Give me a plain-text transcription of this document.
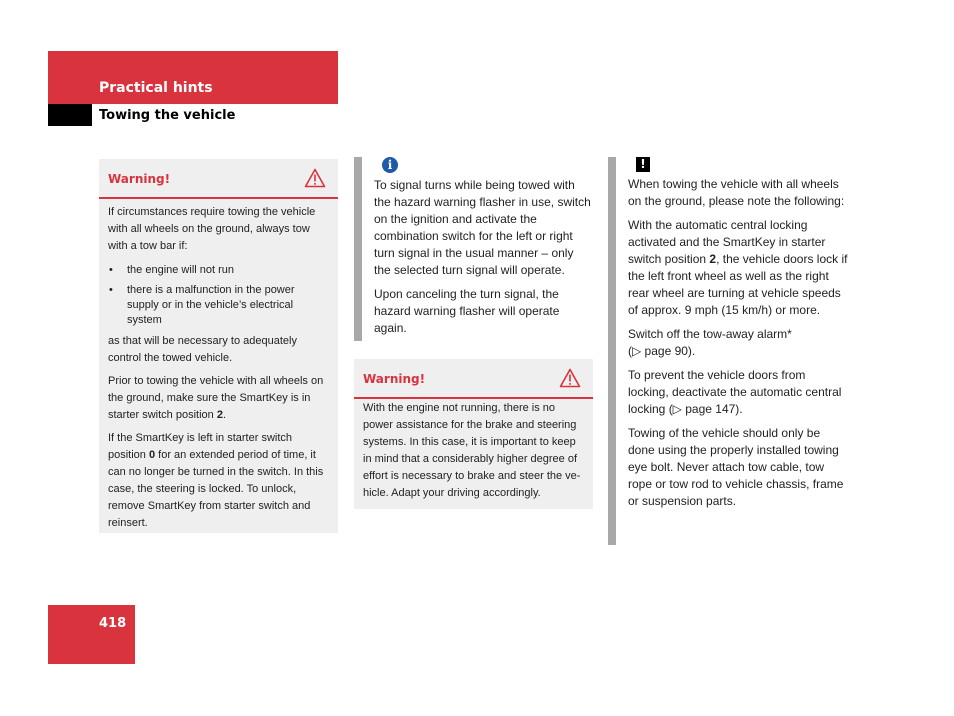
Practical hints
Towing the vehicle
Warning!

If circumstances require towing the vehicle with all wheels on the ground, always tow with a tow bar if:

• the engine will not run
• there is a malfunction in the power supply or in the vehicle’s electrical system

as that will be necessary to adequately control the towed vehicle.

Prior to towing the vehicle with all wheels on the ground, make sure the SmartKey is in starter switch position 2.

If the SmartKey is left in starter switch position 0 for an extended period of time, it can no longer be turned in the switch. In this case, the steering is locked. To unlock, remove SmartKey from starter switch and reinsert.

i

To signal turns while being towed with the hazard warning flasher in use, switch on the ignition and activate the combination switch for the left or right turn signal in the usual manner – only the selected turn signal will operate.

Upon canceling the turn signal, the hazard warning flasher will operate again.

Warning!

With the engine not running, there is no power assistance for the brake and steering systems. In this case, it is important to keep in mind that a considerably higher degree of effort is necessary to brake and steer the ve-hicle. Adapt your driving accordingly.

!

When towing the vehicle with all wheels on the ground, please note the following:

With the automatic central locking activated and the SmartKey in starter switch position 2, the vehicle doors lock if the left front wheel as well as the right rear wheel are turning at vehicle speeds of approx. 9 mph (15 km/h) or more.

Switch off the tow-away alarm*
(▷ page 90).

To prevent the vehicle doors from locking, deactivate the automatic central locking (▷ page 147).

Towing of the vehicle should only be done using the properly installed towing eye bolt. Never attach tow cable, tow rope or tow rod to vehicle chassis, frame or suspension parts.

418
